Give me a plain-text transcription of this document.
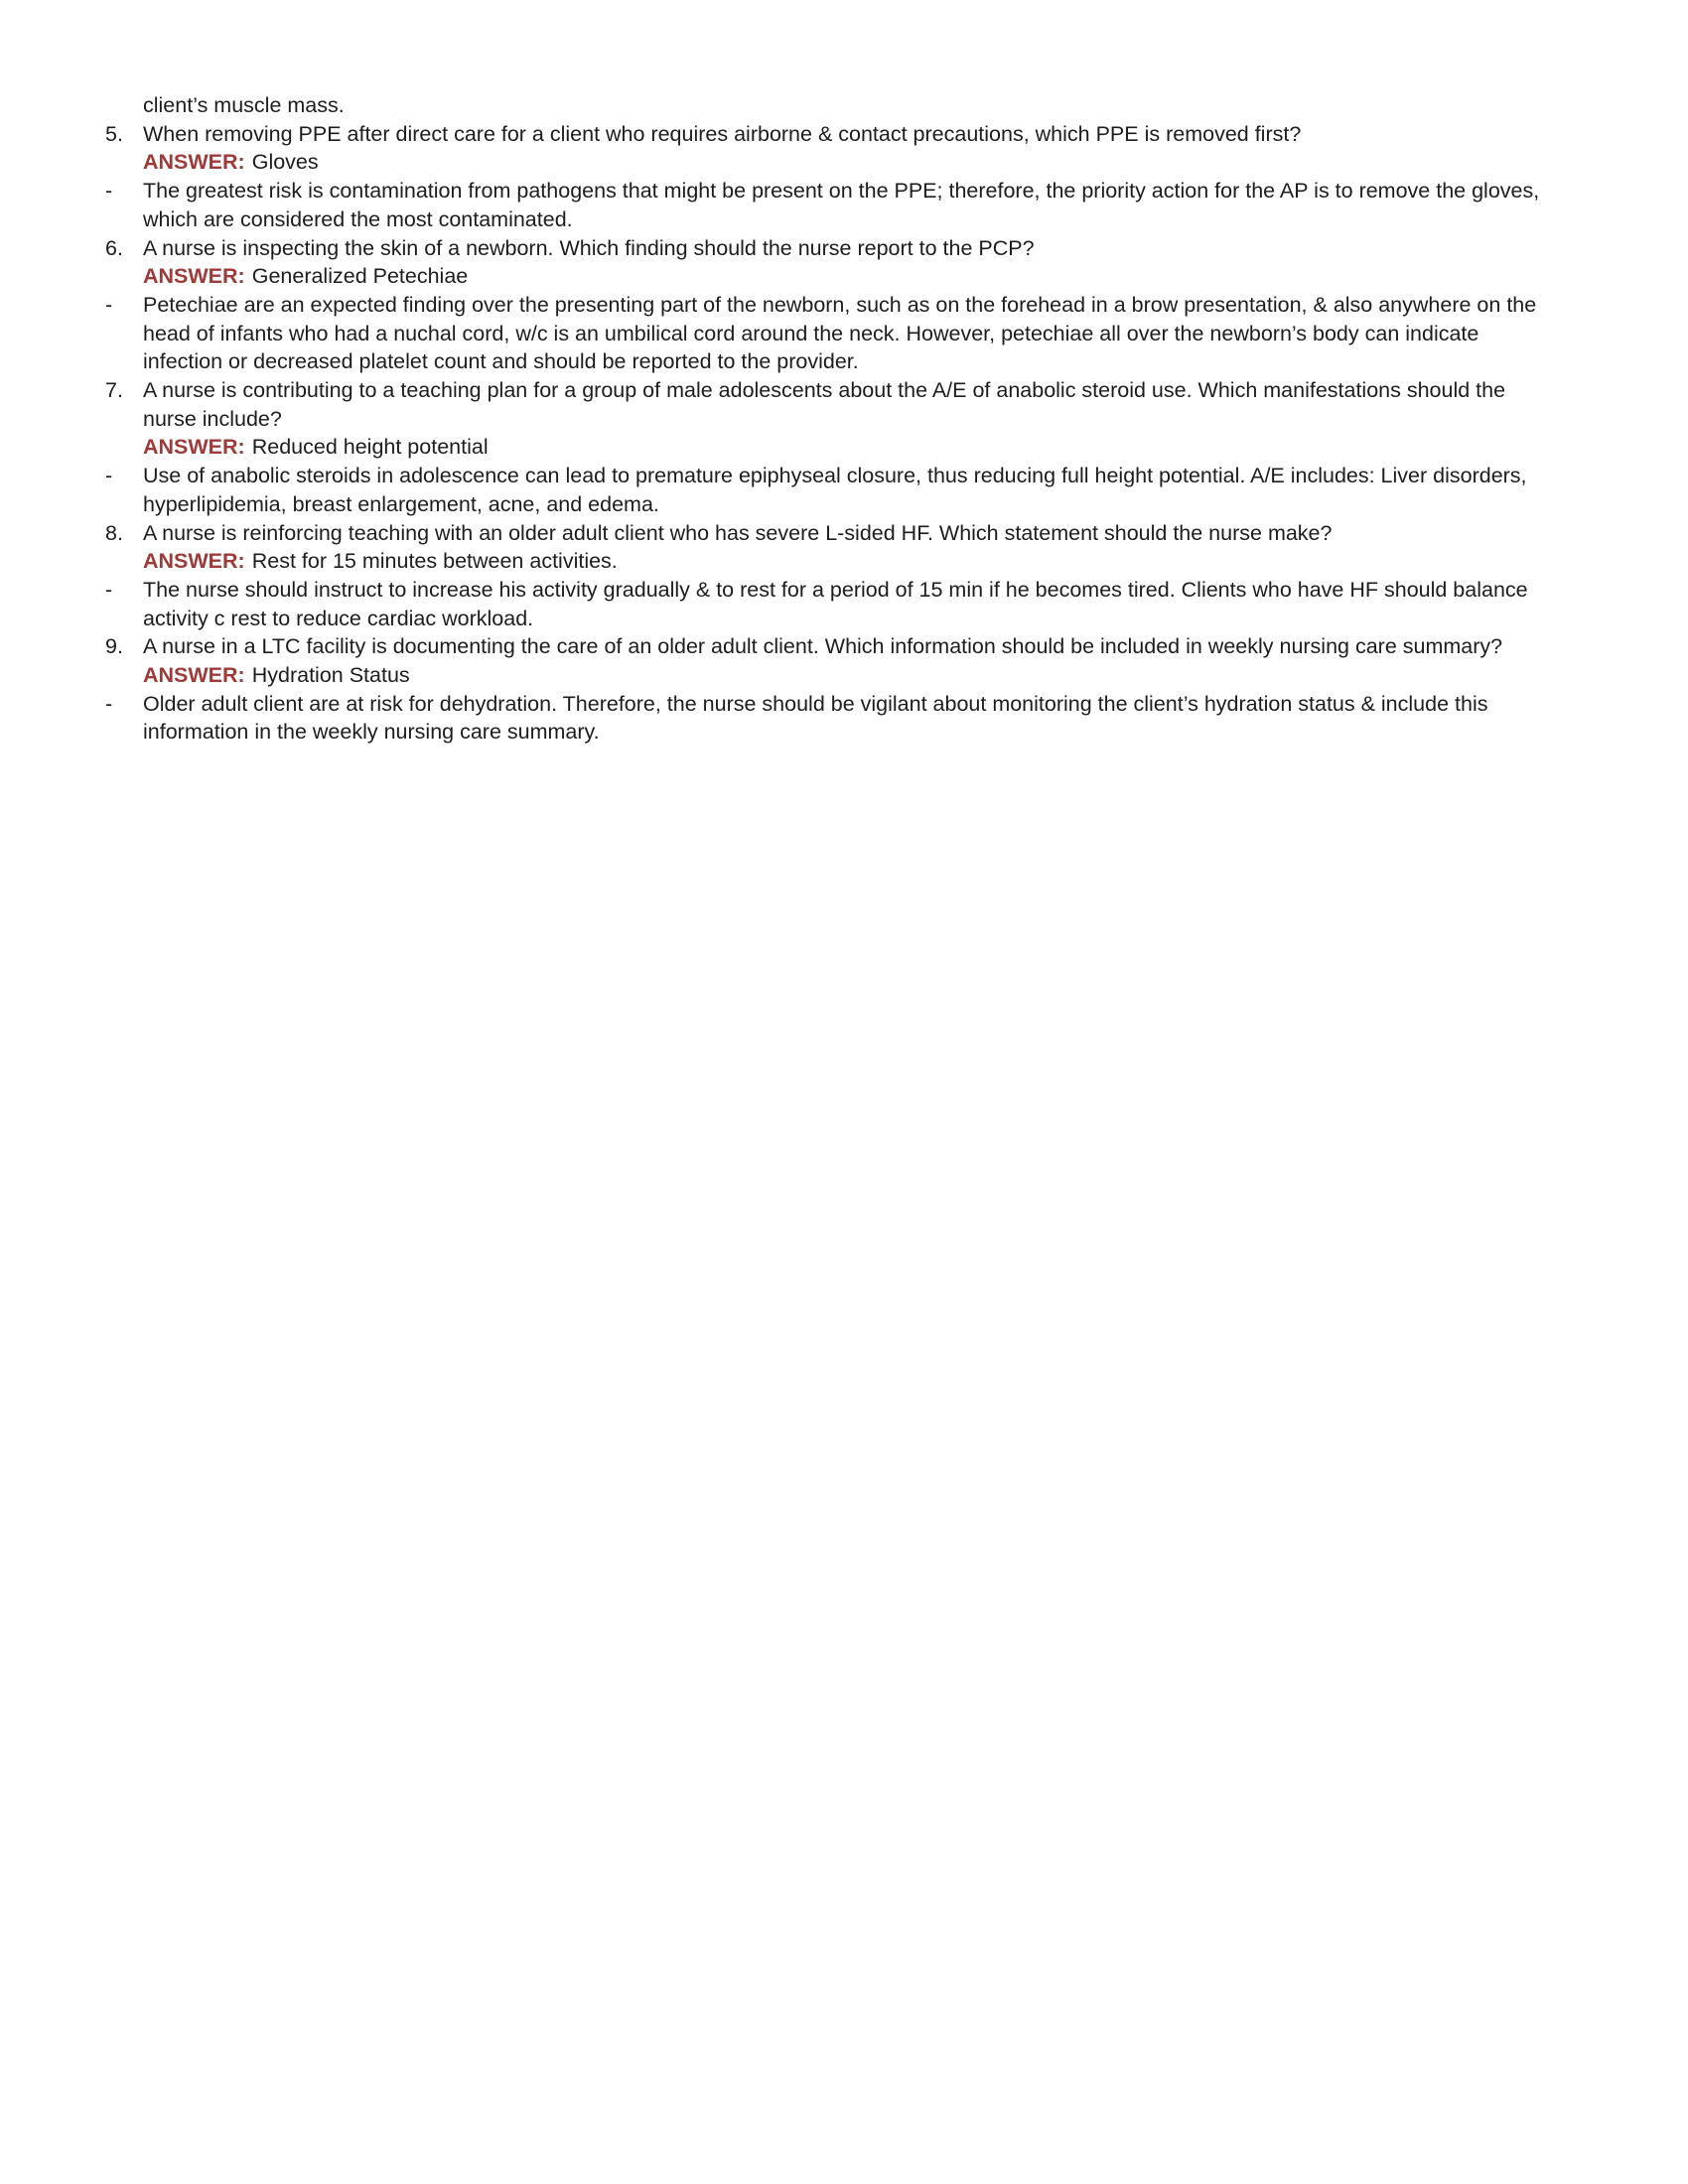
client’s muscle mass.
5. When removing PPE after direct care for a client who requires airborne & contact precautions, which PPE is removed first?
ANSWER: Gloves
-	The greatest risk is contamination from pathogens that might be present on the PPE; therefore, the priority action for the AP is to remove the gloves, which are considered the most contaminated.
6. A nurse is inspecting the skin of a newborn. Which finding should the nurse report to the PCP?
ANSWER: Generalized Petechiae
-	Petechiae are an expected finding over the presenting part of the newborn, such as on the forehead in a brow presentation, & also anywhere on the head of infants who had a nuchal cord, w/c is an umbilical cord around the neck. However, petechiae all over the newborn’s body can indicate infection or decreased platelet count and should be reported to the provider.
7. A nurse is contributing to a teaching plan for a group of male adolescents about the A/E of anabolic steroid use. Which manifestations should the nurse include?
ANSWER: Reduced height potential
-	Use of anabolic steroids in adolescence can lead to premature epiphyseal closure, thus reducing full height potential. A/E includes: Liver disorders, hyperlipidemia, breast enlargement, acne, and edema.
8. A nurse is reinforcing teaching with an older adult client who has severe L-sided HF. Which statement should the nurse make?
ANSWER: Rest for 15 minutes between activities.
-	The nurse should instruct to increase his activity gradually & to rest for a period of 15 min if he becomes tired. Clients who have HF should balance activity c rest to reduce cardiac workload.
9. A nurse in a LTC facility is documenting the care of an older adult client. Which information should be included in weekly nursing care summary?
ANSWER: Hydration Status
-	Older adult client are at risk for dehydration. Therefore, the nurse should be vigilant about monitoring the client’s hydration status & include this information in the weekly nursing care summary.
